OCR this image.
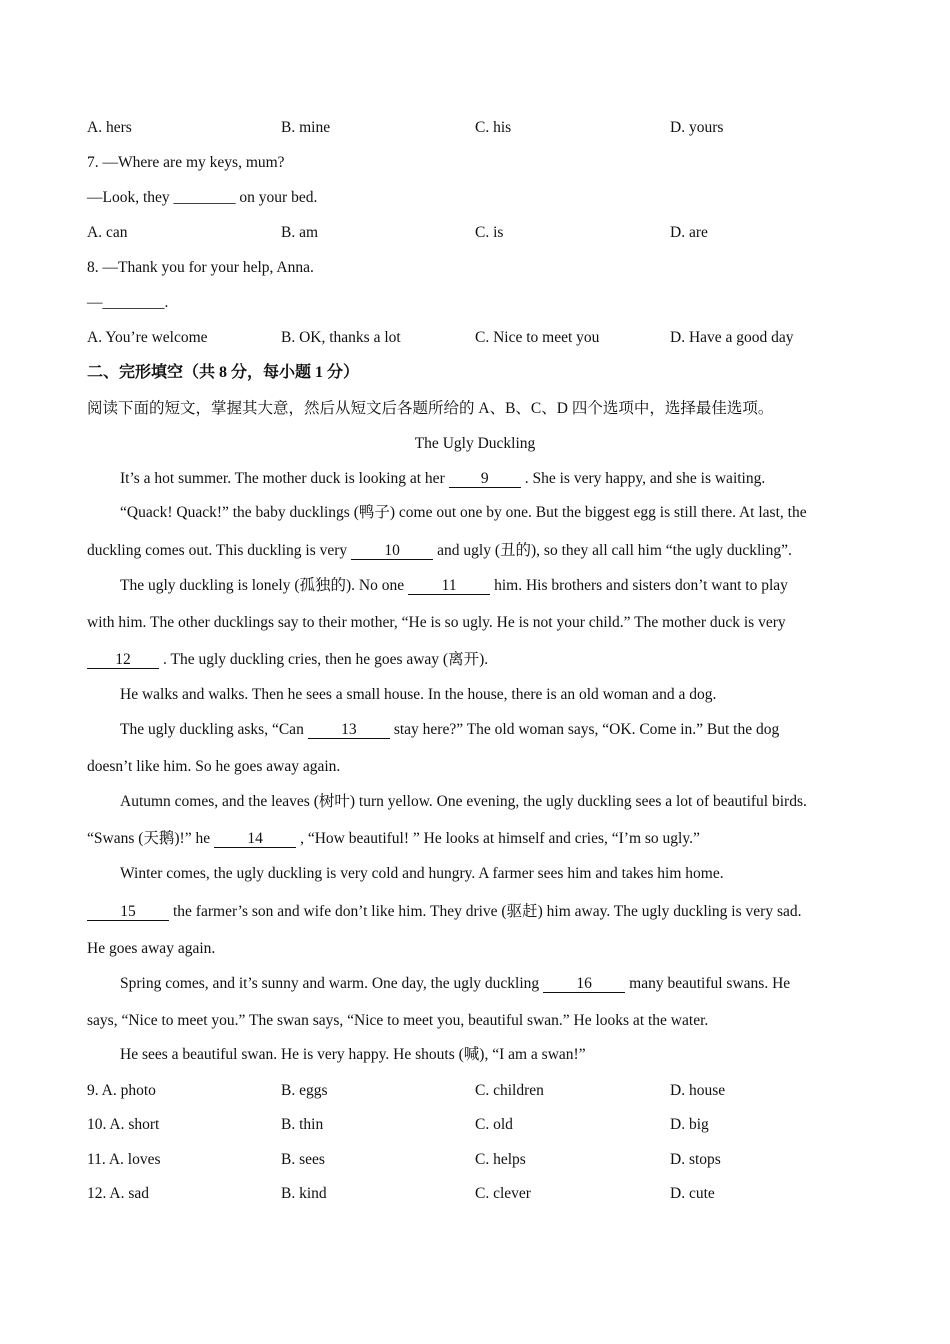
A. hers	B. mine	C. his	D. yours
7. —Where are my keys, mum?
—Look, they ________ on your bed.
A. can	B. am	C. is	D. are
8. —Thank you for your help, Anna.
—________.
A. You’re welcome	B. OK, thanks a lot	C. Nice to meet you	D. Have a good day
二、完形填空（共 8 分，每小题 1 分）
阅读下面的短文，掌握其大意，然后从短文后各题所给的 A、B、C、D 四个选项中，选择最佳选项。
The Ugly Duckling
It’s a hot summer. The mother duck is looking at her 9 . She is very happy, and she is waiting.
“Quack! Quack!” the baby ducklings (鸭子) come out one by one. But the biggest egg is still there. At last, the
duckling comes out. This duckling is very 10 and ugly (丑的), so they all call him “the ugly duckling”.
The ugly duckling is lonely (孤独的). No one 11 him. His brothers and sisters don’t want to play
with him. The other ducklings say to their mother, “He is so ugly. He is not your child.” The mother duck is very
12 . The ugly duckling cries, then he goes away (离开).
He walks and walks. Then he sees a small house. In the house, there is an old woman and a dog.
The ugly duckling asks, “Can 13 stay here?” The old woman says, “OK. Come in.” But the dog
doesn’t like him. So he goes away again.
Autumn comes, and the leaves (树叶) turn yellow. One evening, the ugly duckling sees a lot of beautiful birds.
“Swans (天鹅)!” he 14 , “How beautiful! ” He looks at himself and cries, “I’m so ugly.”
Winter comes, the ugly duckling is very cold and hungry. A farmer sees him and takes him home.
15 the farmer’s son and wife don’t like him. They drive (驱赶) him away. The ugly duckling is very sad.
He goes away again.
Spring comes, and it’s sunny and warm. One day, the ugly duckling 16 many beautiful swans. He
says, “Nice to meet you.” The swan says, “Nice to meet you, beautiful swan.” He looks at the water.
He sees a beautiful swan. He is very happy. He shouts (喊), “I am a swan!”
9. A. photo	B. eggs	C. children	D. house
10. A. short	B. thin	C. old	D. big
11. A. loves	B. sees	C. helps	D. stops
12. A. sad	B. kind	C. clever	D. cute
